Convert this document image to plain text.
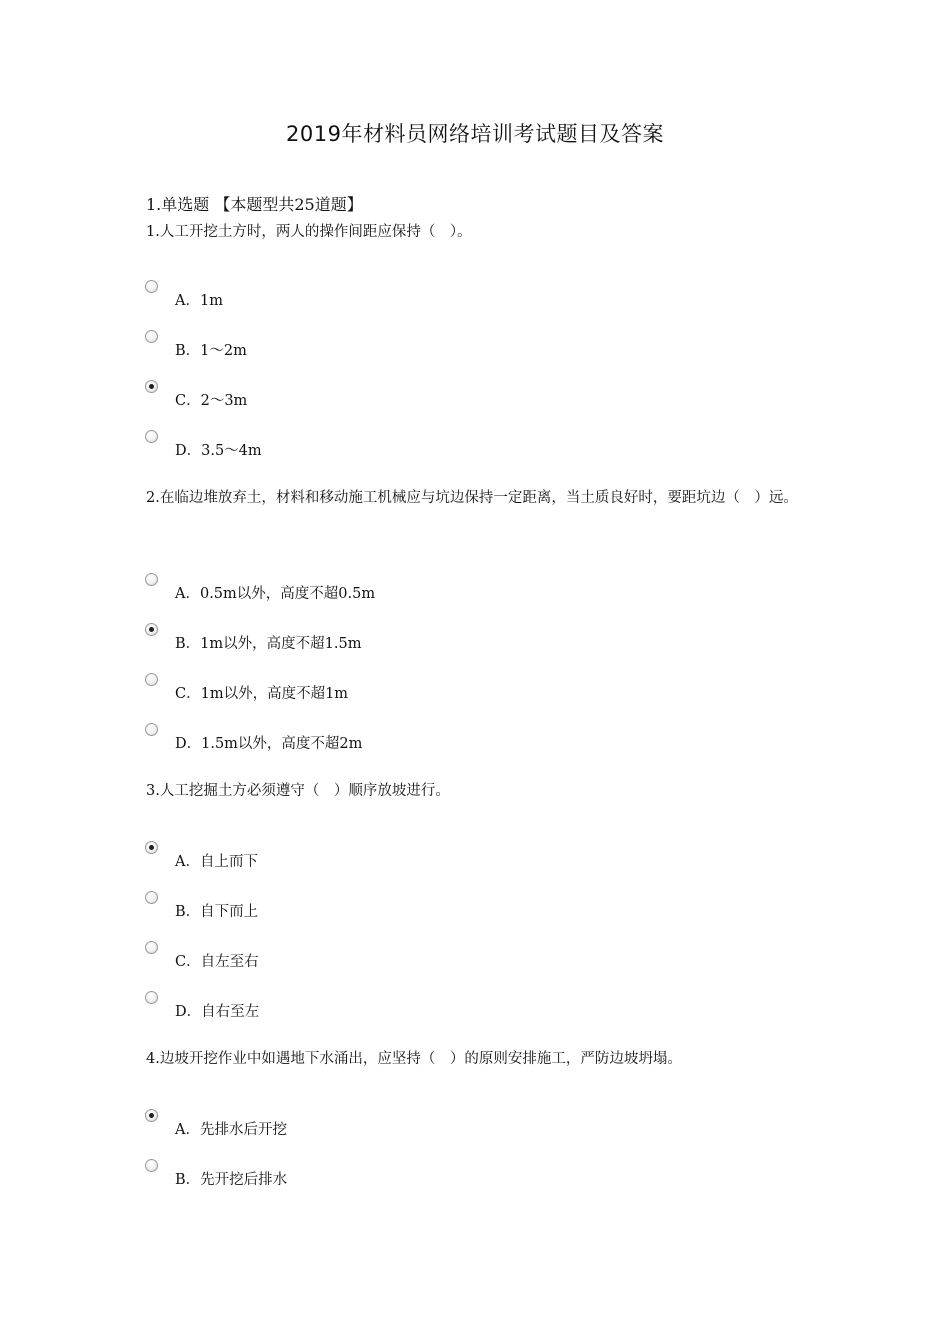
2019年材料员网络培训考试题目及答案
1.单选题 【本题型共25道题】
1.人工开挖土方时，两人的操作间距应保持（　）。
A．1m
B．1～2m
C．2～3m
D．3.5～4m
2.在临边堆放弃土，材料和移动施工机械应与坑边保持一定距离，当土质良好时，要距坑边（　）远。
A．0.5m以外，高度不超0.5m
B．1m以外，高度不超1.5m
C．1m以外，高度不超1m
D．1.5m以外，高度不超2m
3.人工挖掘土方必须遵守（　）顺序放坡进行。
A．自上而下
B．自下而上
C．自左至右
D．自右至左
4.边坡开挖作业中如遇地下水涌出，应坚持（　）的原则安排施工，严防边坡坍塌。
A．先排水后开挖
B．先开挖后排水
